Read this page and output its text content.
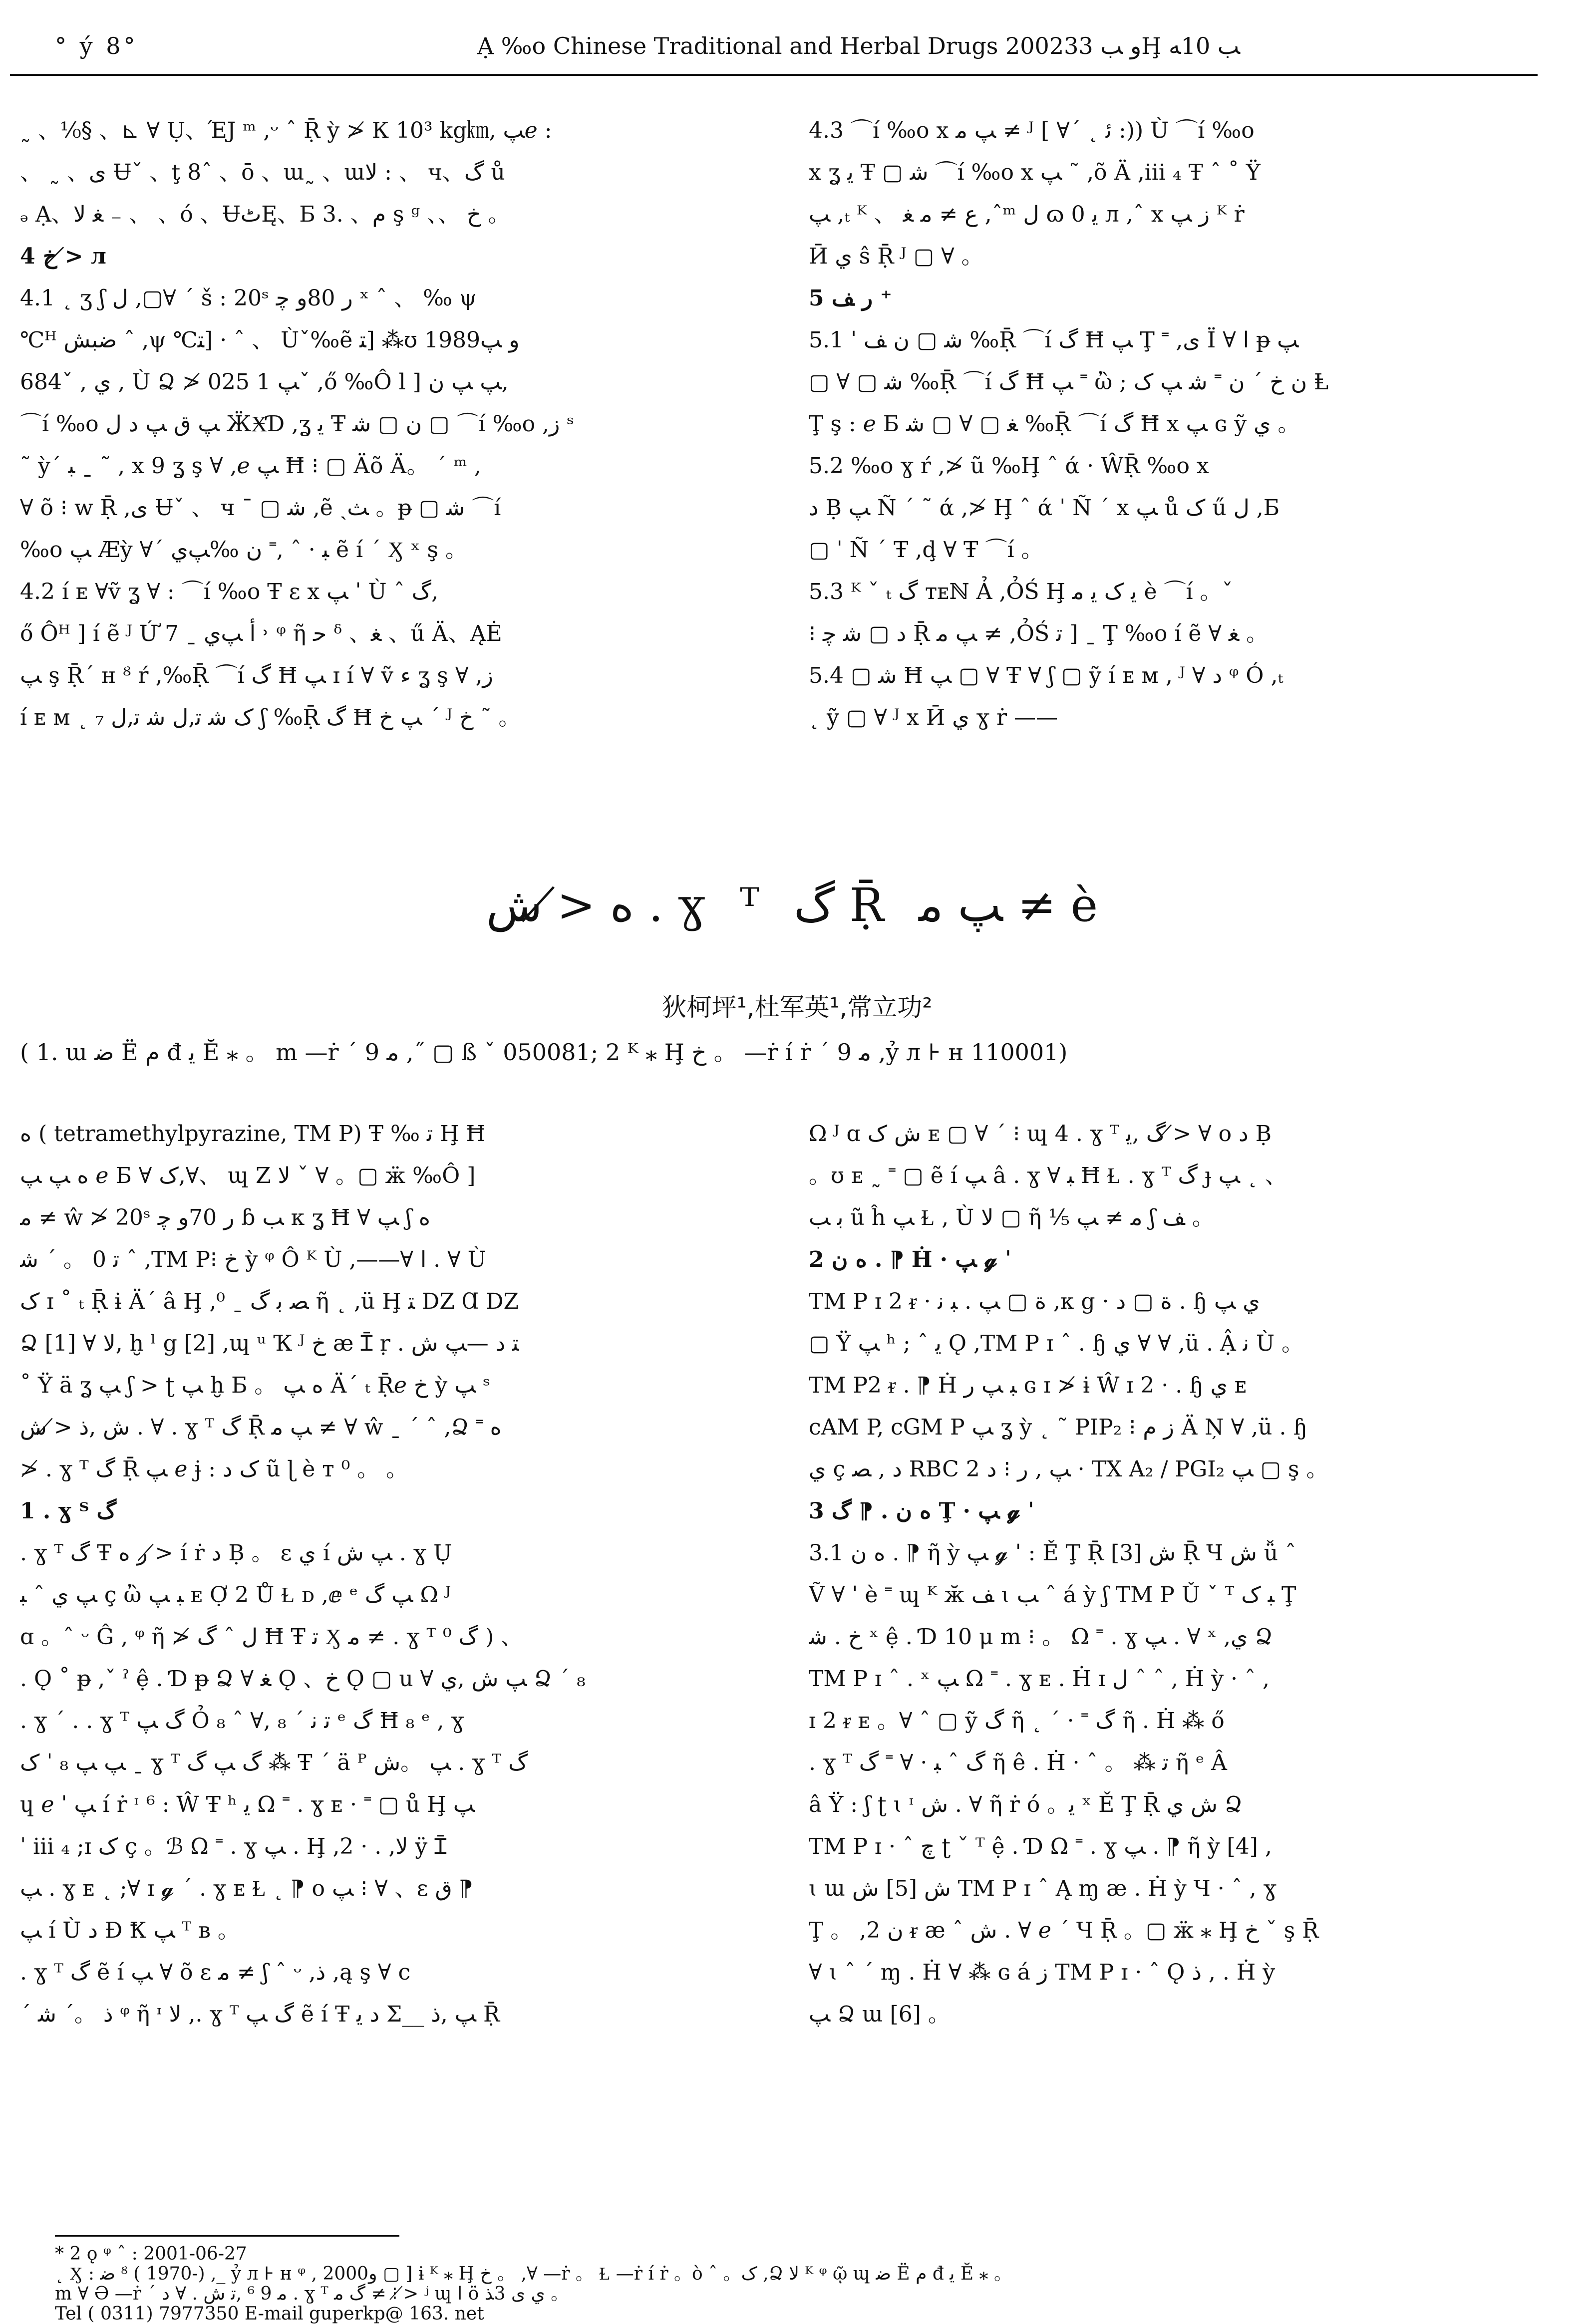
° ý 8°	Ạ ‰o Chinese Traditional and Herbal Drugs 2002ﻭ ﺐ 33Ḩ ﺐ 10ﻪ
˷ 、⅟₀§ 、⊾ ∀ Ụ、ΈЈ ᵐ ,ᵕ ˆ Ṝ ỳ ≯ К 10³ kg㎞, ﭗ𝑒 :
、 ˷ 、ى Ʉˇ 、ţ 8ˆ 、ō 、ɯ˷ 、ɯﻻ : 、 ч、گ ů
ₔ Ạ、ﻐ ﻻ ₋ 、 、ó 、ɄﭦĘ、Ƃ 3. 、ﻡ ş ᵍ 、、 ﺥ 。
4 ﺥ ≯ л
4.1 ˛ ʒ ʃ ﻝ ,▢∀ ´ š : 20ˢ ﺭ 80ﻭ ﭼ ˣ ˆ 、 ‰ ψ
℃ᴴ ﺿﺒﺶ ˆ ,ψ ℃ﺘ] · ˆ 、 Ùˇ‰ẽ ﺘ] ⁂ʊ 1989ﻭ ﭗ
684ˇ , ي , Ù Ձ ≯ ﭗ 1 025ˇ ,ő ‰Ô l ] ﭗ ﭗ ن,
⌒í ‰o ﭗ ﻕ ﭗ ﺩ ﻝ ӜӾƊ ,ʓ ﻳ Ŧ ﻥ ▢ ﺷ ▢ ⌒í ‰o ,ﺯ ˢ
˜ ỳ´ ﺒ ˍ ˜ , x 9 ʓ ş ∀ ,𝑒 ﭗ Ħ ⁝ ▢ Ӓõ Ӓ。 ˊ ᵐ ,
∀ õ ⁝ w Ṝ ,ى Ʉˇ 、 ч ˉ ▢ ﺷ ,ẽ ˏﺚ 。ᵽ ▢ ﺷ ⌒í
‰o ﭗ Æỳ ∀´ ﺒ · ˆ ,˭ ﻥ ‰ﭗﻱ ẽ í ´ Ӽ ˣ ş 。
4.2 í ᴇ ∀ṽ ʓ ∀ : ⌒í ‰o Ŧ ε x ﭗ ˈ Ù ˆ ﮒ,
ő Ôᴴ ] í ẽ ᴶ Ứ 7 ˍ ﺃ ﭗﻱ ˒ ᵠ ῆ ﺣ ᵟ 、ﻐ 、ű Ӓ、ĄĖ
ﭗ ş Ṝ´ ʜ ᴽ ŕ ,‰Ṝ ⌒í گ Ħ ﭗ ɪ í ∀ ṽ ﺀ ʓ ş ∀ ,ﺯ
í ᴇ ᴍ ˛ ₇ ﮎ ﺷ ﺗ,ﻝ ﺷ ﺗ,ﻝ ʃ ‰Ṝ گ Ħ ﭗ ﺥ ˊ ᴶ ﺥ ˜ 。
4.3 ⌒í ‰o x ﭗ ﻣ ≠ ᴶ [ ∀´ ˛ ﺋ :)) Ù ⌒í ‰o
x ʓ ﻳ Ŧ ▢ ﺷ ⌒í ‰o x ﭗ ˜ ,õ Ӓ ,ⅲ ₄ Ŧ ˆ ˚ Ÿ
ﭗ ,ₜ ᴷ 、 ﻉ ≠ ﻣ ﻐ ,ˆᵐ ﻝ ɷ 0 ﻳ л ,ˆ x ﺯ ﭗ ᴷ ṙ
Ӣ ي ŝ Ṝ ᴶ ▢ ∀ 。
5 ﺭ ﻒ ⁺
5.1 ˈ ﺷ ▢ ﻥ ﻒ ‰Ṝ ⌒í گ Ħ ﭗ Ţ ˭ ,ى Ϊ ∀ ﺍ ᵽ ﭗ
▢ ∀ ▢ ﺷ ‰Ṝ ⌒í گ Ħ ﭗ ˭ ὢ ; ن ﺥ ˊ ن ˭ ﺷ ﭗ ﮎ Ⱡ
Ţ ş : 𝑒 Ƃ ﻐ ▢ ∀ ▢ ﺷ ‰Ṝ ⌒í گ Ħ x ﭗ ɢ ỹ ﻱ 。
5.2 ‰o ɣ ŕ ,≯ ũ ‰Ḩ ˆ ά · ŴṜ ‰o x
ﺩ Ḅ ﭗ Ñ ´ ˜ ά ,≯ Ḩ ˆ ά ˈ Ñ ´ x ﭗ ů ﮎ ű ﻝ ,Ƃ
▢ ˈ Ñ ´ Ŧ ,ḑ ∀ Ŧ ⌒í 。
5.3 ᴷ ˇ ₜ گ ᴛᴇℕ Ả ,ỎŚ Ḩ ﻳ ﮎ ﻳ ﻣ è ⌒í 。ˇ
⁝ ﺩ ▢ ﺷ ﭼ Ṝ ﭗ ﻣ ≠ ,ỎŚ ﺗ ] ˍ Ţ ‰o í ẽ ∀ ﻐ 。
5.4 ▢ ﺷ Ħ ﭗ ▢ ∀ Ŧ ∀ ʃ ▢ ỹ í ᴇ ᴍ , ᴶ ∀ ﺩ ᵠ Ó ,ₜ
˛ ỹ ▢ ∀ ᴶ x Ӣ ي ɣ ṙ ——
ﻩ ≯ ﺵ . ɣ ᵀ گ Ṝ ﭗ ﻣ ≠ è
狄柯坪¹,杜军英¹,常立功²
( 1. ɯ ﺿ Ë ﻡ đ ﻳ Ĕ ⁎ 。 m —ṙ ´ ﻣ 9 ,˝ ▢ ß ˇ 050081; 2 ᴷ ⁎ Ḩ ﺥ 。 —ṙ í ṙ ´ ﻣ 9 ,ỷ л ⊦ ʜ 110001)
ﻩ ( tetramethylpyrazine, TM P) Ŧ ‰ ﺗ Ḩ Ħ
ﻩ ﭗ ﭗ 𝑒 Ƃ ∀ ﮎ,∀、 ɰ Ζ ﻻ ˇ ∀ 。▢ ӝ ‰Ô ]
ﻣ ≠ ŵ ≯ 20ˢ ﺭ 70ﻭ ﭼ ɓ ﺐ ᴋ ʓ Ħ ∀ ﭗ ʃ ﻩ
ﺗ 0 。 ˊ ﺷ ˆ ,TM P⁝ ﺥ ỳ ᵠ Ô ᴷ Ù ,——∀ ﺍ . ∀ Ù
ﮎ ɪ ˚ ₜ Ṝ ɨ Ӓ´ â Ḩ ,⁰ ˍ ﺼ ﺑ گ ῆ ˛ ,ü Ḩ ﺘ Ǳ Ɑ Ǳ
Ձ ﻻ ∀ [1], ḫ ˡ g [2] ,ɰ ᵘ Ҡ ᴶ ﺥ ӕ Ɪ̄ ṛ . ﺘ ﺩ —ﭗ ﺵ
˚ Ÿ ä ʓ ﭗ ʃ > ʈ ﭗ ḫ Ƃ 。 ﻩ ﭗ Ӓ´ ₜ Ṝ𝑒 ﺥ ỳ ﭗ ˢ
ﺵ ,ﺫ ≯ ﺵ . ∀ . ɣ ᵀ گ Ṝ ﭗ ﻣ ≠ ∀ ŵ ˍ ´ ˆ ,Ձ ˭ ﻩ
≯ . ɣ ᵀ گ Ṝ ﭗ 𝑒 ɉ : ﮎ ﺩ ũ ɭ è ᴛ ⁰ 。 。
1 . ɣ ᵀ گ
. ɣ ᵀ گ Ŧ ﺭ ﻩ ≯ í ṙ ﺩ Ḅ 。 ε ي í ﭗ ﺵ . ɣ Ụ
ﭗ ي ˆ ﺒ ç ὢ ﺒ ﭗ ᴇ Ợ 2 Ů Ɫ ᴅ ,ⅇ ᵉ ﭗ گ Ω ᴶ
ɑ 。ˆ ᵕ Ĝ , ᵠ ῆ ≯ ﻝ ˆ گ Ħ Ŧ ﺗ Ӽ ﻣ ≠ . ɣ ᵀ گ ⁰ ) 、
. Ǫ ˚ ᵽ ,ˇ ˀ ệ . Ɗ ᵽ Ձ ∀ ﻐ Ǫ 、ﺥ Ǫ ▢ u ∀ ﭗ ﺵ ,ي Ձ ´ ₈
. ɣ ´ . . ɣ ᵀ گ ﭗ Ỏ ﺗ ﻧ ´ ₈ ,∀ ˆ ₈ ᵉ گ Ħ ₈ ᵉ , ɣ
ﭗ ﭗ ₈ ˈ ﮎ ˍ ɣ ᵀ گ ﭗ گ ⁂ Ŧ ´ ä ᴾ ﭗ 。ﺵ . ɣ ᵀ گ
ɥ 𝑒 ˈ ﭗ í ṙ ᶦ ⁶ : Ŵ Ŧ ʰ ﻳ Ω ˭ . ɣ ᴇ · ˭ ▢ ů Ḩ ﭗ
ˈ ⅲ ₄ ;ɪ ﮎ ç 。ℬ Ω ˭ . ɣ ﭗ . Ḩ ,2 · . ,ﻻ ÿ Ɪ̄
ﭗ . ɣ ᴇ ˛ ;∀ ɪ 𝓰 ˊ . ɣ ᴇ Ɫ ˛ ⁋ ᴏ ﭗ ⁝ ∀ 、ε ﻕ ⁋
ﭗ í Ù ﺩ Ɖ Ҟ ﭗ ᵀ ʙ 。
. ɣ ᵀ گ ẽ í ﭗ ∀ õ ε ﻣ ≠ ʃ ˆ ᵕ ,ﺫ ,ą ş ∀ c
ˊ ﺫ 。ˊ ﺷ ᵠ ῆ ᶦ ﻻ ,. ɣ ᵀ گ ﭗ ẽ í Ŧ ﺩ ﻳ Σ__ ﭗ ,ﺫ Ṝ
Ω ᴶ ɑ ﺵ ﮎ ᴇ ▢ ∀ ´ ⁝ ɰ 4 . ɣ ᵀ گ ,ﻳ ≯ ∀ ᴏ ﺩ Ḅ
。ʊ ᴇ ˷ ˭ ▢ ẽ í ﭗ â . ɣ ∀ ﺒ Ħ Ɫ . ɣ ᵀ گ ɟ ﭗ ˛ 、
ﺑ ﺐ ũ ĥ ﭗ Ɫ , Ù ﻻ ▢ ῆ ⅟₅ ﻣ ≠ ﭗ ʃ ﻒ 。
2 ﻩ ن . ⁋ Ḣ · ﭗ 𝓰 ˈ
TM P ɪ 2 ᵲ · ﺓ ▢ ﭗ . ﺒ ﻧ ,ᴋ g · ﺓ ▢ ﺩ . ɧ ﻱ ﭗ
▢ Ÿ ﭗ ʰ ; ˆ ﻳ Ǫ ,TM P ɪ ˆ . ɧ ﻱ ∀ ∀ ,ü . Ậ ﻧ Ù 。
TM P2 ᵲ . ⁋ Ḣ ﺒ ﭗ ﺭ ɢ ɪ ≯ ɨ Ŵ ɪ 2 · . ɧ ﻱ ᴇ
cAM P, cGM P ﭗ ʓ ỳ ˛ ˜ PIP₂ ⁝ ﺯ ﻡ Ӓ Ņ ∀ ,ü . ɧ
ﻱ ç ﺩ , ﺼ RBC ﭗ , ﺭ ⁝ ﺩ 2 · TX A₂ / PGI₂ ﭗ ▢ ş 。
3 ﻩ ن . ⁋ گ Ţ · ﭗ 𝓰 ˈ
3.1 ﻩ ن . ⁋ ῆ ỳ ﭗ 𝓰 ˈ : Ě Ţ Ṝ ﺵ [3] Ṝ Ч ﺵ ǚ ˆ
Ṽ ∀ ˈ è ˭ ɰ ᴷ ӂ ﻒ ɩ ﺐ ˆ á ỳ ʃ TM P Ǔ ˇ ᵀ ﺒ ﮎ Ţ
ﺥ . ﺷ ˣ ệ . Ɗ 10 μ m ⁝ 。 Ω ˭ . ɣ ﭗ . ∀ ˣ ,ي Ձ
TM P ɪ ˆ . ˣ ﭗ Ω ˭ . ɣ ᴇ . Ḣ ɪ ﻝ ˆ ˆ , Ḣ ỳ · ˆ ,
ɪ 2 ᵲ ᴇ 。∀ ˆ ▢ ỹ گ ῆ ˛ ´ · ˭ گ ῆ . Ḣ ⁂ ő
. ɣ ᵀ گ ˆ ﺒ · ∀ ˭ گ ῆ ê . Ḣ · ˆ 。 ⁂ ﺗ ῆ ᵉ Â
â Ÿ : ʃ ʈ ɩ ᶦ ﺵ . ∀ ῆ ṙ ó 。ﻳ ˣ Ě Ţ Ṝ ﺵ ﻱ Ձ
TM P ɪ · ˆ ﭺ ʈ ˇ ᵀ ệ . Ɗ Ω ˭ . ɣ ﭗ . ⁋ ῆ ỳ [4] ,
ɩ ɯ ﺵ [5] ﺵ TM P ɪ ˆ Ą ɱ ӕ . Ḣ ỳ Ч · ˆ , ɣ
Ţ 。 ,ن 2 ᵲ ӕ ˆ ﺵ . ∀ 𝑒 ´ Ч Ṝ 。▢ ӝ ⁎ Ḩ ﺥ ˇ ş Ṝ
∀ ɩ ˆ ´ ɱ . Ḣ ∀ ⁂ ɢ á ﺯ TM P ɪ · ˆ Ǫ ﺫ , . Ḣ ỳ
ﭗ Ձ ɯ [6] 。
* 2 ǫ ᵠ ˆ : 2001-06-27
˛ Ӽ : ﺿ ᴽ ( 1970-) ,_ ỷ л ⊦ ʜ ᵠ , 2000ﻭ ▢ ] ɨ ᴷ ⁎ Ḩ ﺥ 。 ,∀ —ṙ 。 Ɫ —ṙ í ṙ 。ò ˆ 。ﮎ ,Ձ ﻻ ᴷ ᵠ ῷ ɰ ﺿ Ë ﻡ đ ﻳ Ĕ ⁎ 。
m ∀ Ə —ṙ ´ ﻣ 9 ⁶ ,ﺗ ﺵ . ∀ ﺩ . ɣ ᵀ گ ﻣ ≠ ⁝ ≯ ʲ ɰ ﺍ ö ي ﻯ 3ﺬ 。
Tel ( 0311) 7977350 E-mail guperkp@ 163. net
